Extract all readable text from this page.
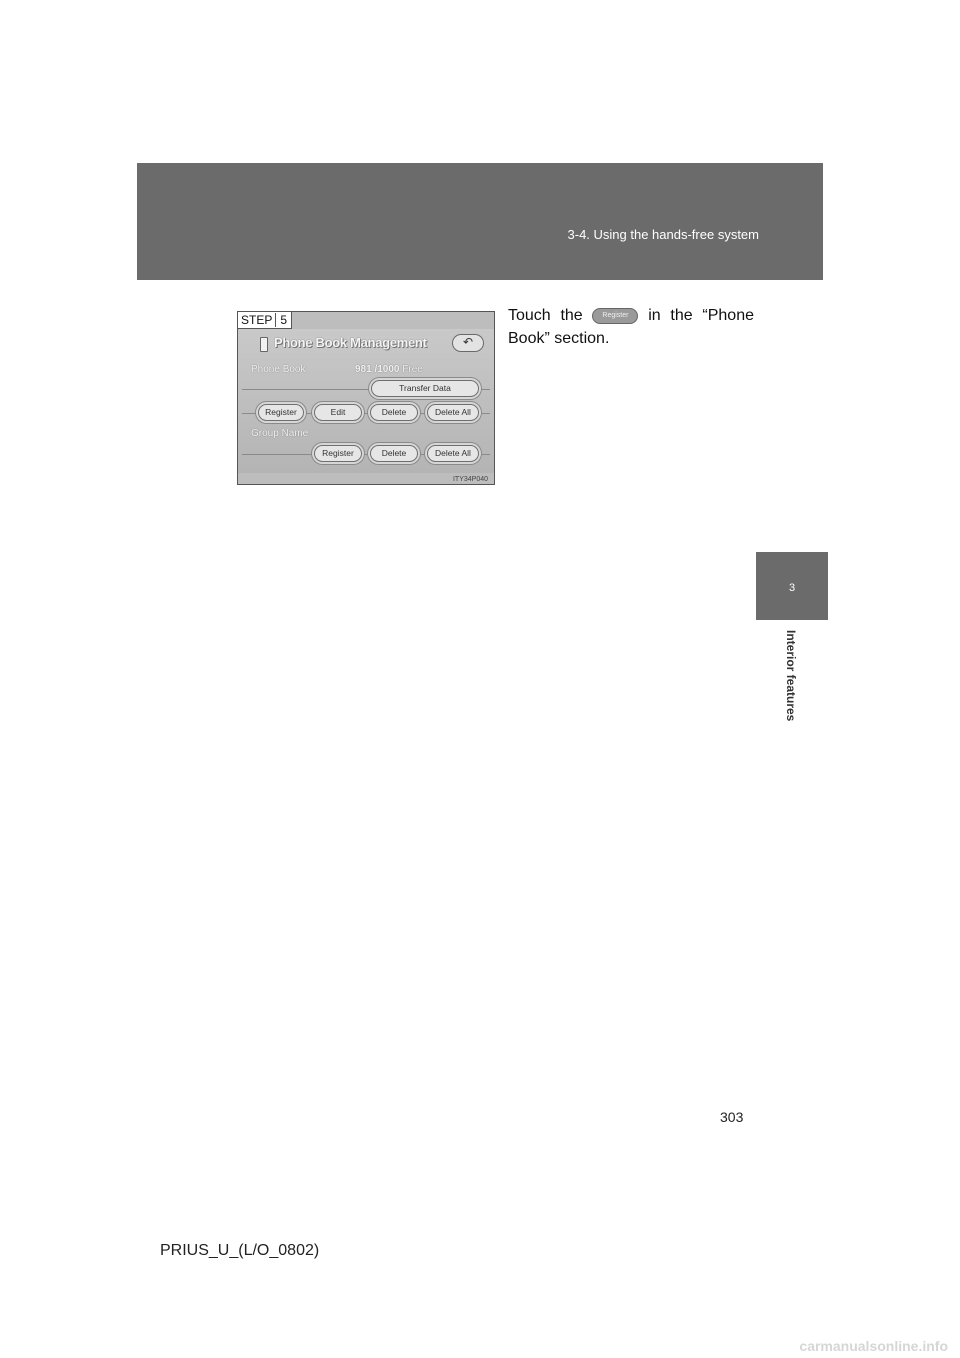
3-4. Using the hands-free system
3
Interior features
STEP 5
Phone Book Management	↶
Phone Book	981 /1000 Free
Transfer Data
Register	Edit	Delete	Delete All
Group Name
Register	Delete	Delete All
ITY34P040
Touch the	Register	in the “Phone
Book” section.
303
PRIUS_U_(L/O_0802)
carmanualsonline.info
